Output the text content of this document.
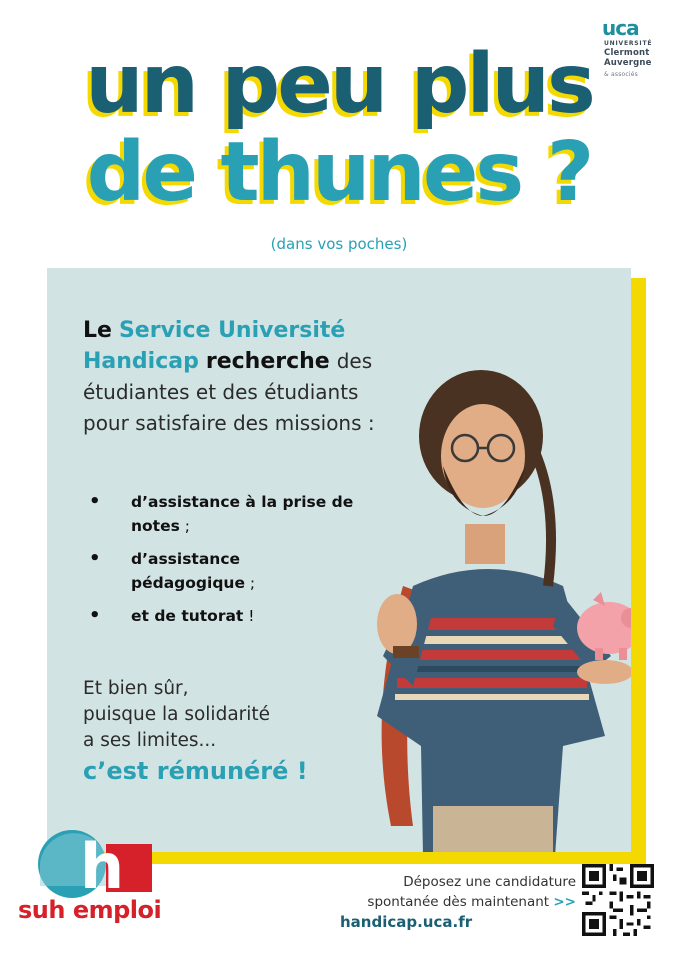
uca
UNIVERSITÉ
Clermont
Auvergne
& associés
un peu plus
de thunes ?
(dans vos poches)
Le Service Université Handicap recherche des étudiantes et des étudiants pour satisfaire des missions :
• d’assistance à la prise de notes ;
• d’assistance pédagogique ;
• et de tutorat !
Et bien sûr,
puisque la solidarité
a ses limites...
c’est rémunéré !
h
suh emploi
Déposez une candidature
spontanée dès maintenant >>
handicap.uca.fr
